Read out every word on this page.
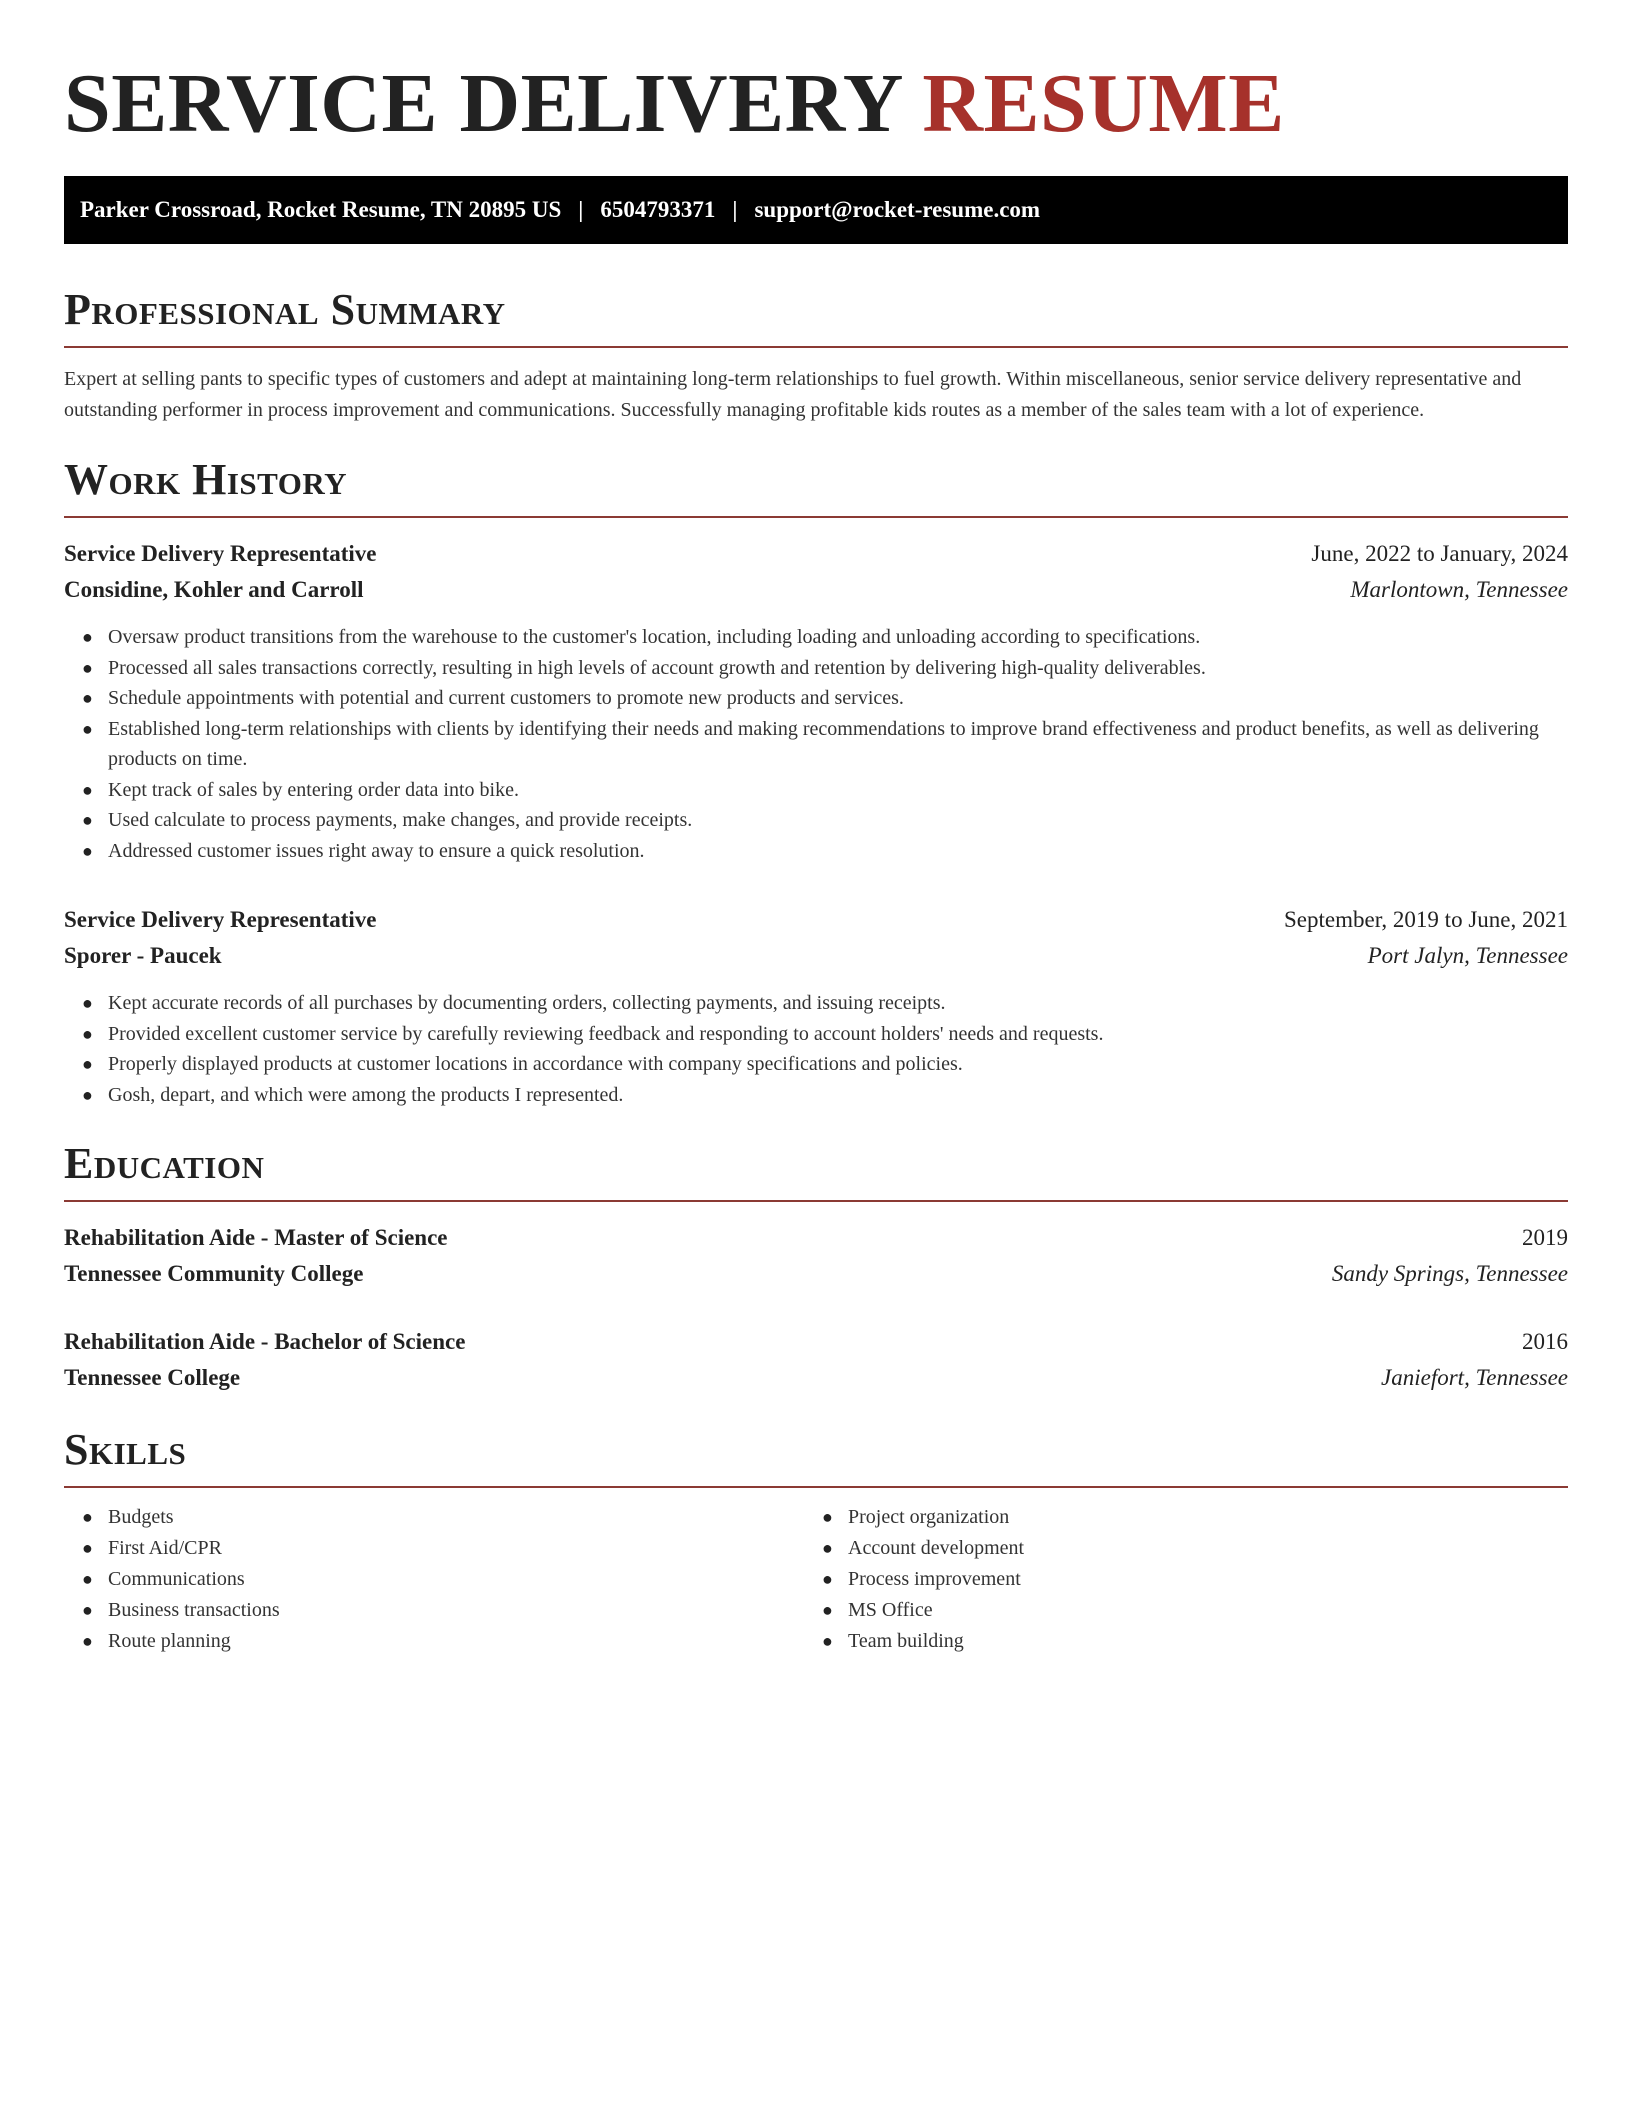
SERVICE DELIVERY RESUME
Parker Crossroad, Rocket Resume, TN 20895 US | 6504793371 | support@rocket-resume.com
Professional Summary

Expert at selling pants to specific types of customers and adept at maintaining long-term relationships to fuel growth. Within miscellaneous, senior service delivery representative and outstanding performer in process improvement and communications. Successfully managing profitable kids routes as a member of the sales team with a lot of experience.

Work History
Service Delivery Representative	June, 2022 to January, 2024
Considine, Kohler and Carroll	Marlontown, Tennessee
● Oversaw product transitions from the warehouse to the customer's location, including loading and unloading according to specifications.
● Processed all sales transactions correctly, resulting in high levels of account growth and retention by delivering high-quality deliverables.
● Schedule appointments with potential and current customers to promote new products and services.
● Established long-term relationships with clients by identifying their needs and making recommendations to improve brand effectiveness and product benefits, as well as delivering products on time.
● Kept track of sales by entering order data into bike.
● Used calculate to process payments, make changes, and provide receipts.
● Addressed customer issues right away to ensure a quick resolution.
Service Delivery Representative	September, 2019 to June, 2021
Sporer - Paucek	Port Jalyn, Tennessee
● Kept accurate records of all purchases by documenting orders, collecting payments, and issuing receipts.
● Provided excellent customer service by carefully reviewing feedback and responding to account holders' needs and requests.
● Properly displayed products at customer locations in accordance with company specifications and policies.
● Gosh, depart, and which were among the products I represented.
Education
Rehabilitation Aide - Master of Science	2019
Tennessee Community College	Sandy Springs, Tennessee
Rehabilitation Aide - Bachelor of Science	2016
Tennessee College	Janiefort, Tennessee
Skills
● Budgets
● First Aid/CPR
● Communications
● Business transactions
● Route planning
● Project organization
● Account development
● Process improvement
● MS Office
● Team building
